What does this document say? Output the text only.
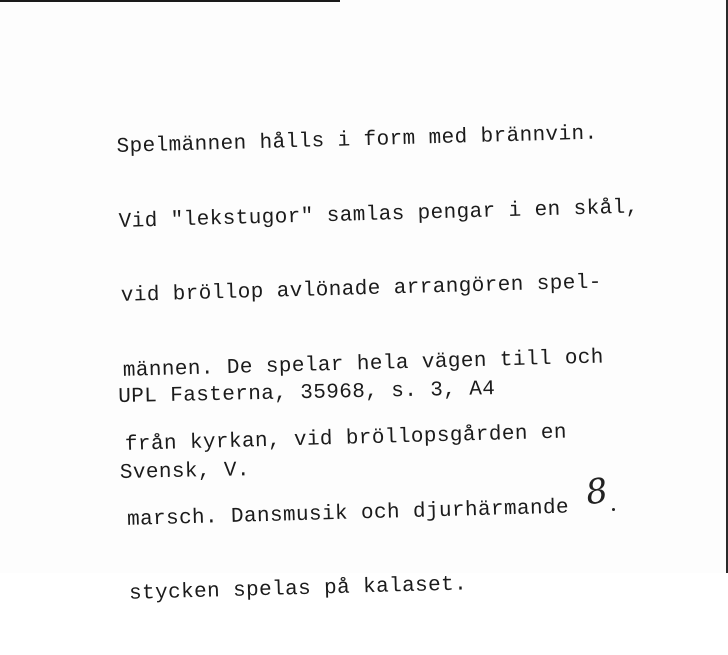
Spelmännen hålls i form med brännvin.

Vid "lekstugor" samlas pengar i en skål,

vid bröllop avlönade arrangören spel-

männen. De spelar hela vägen till och

från kyrkan, vid bröllopsgården en

marsch. Dansmusik och djurhärmande

stycken spelas på kalaset.

UPL Fasterna, 35968, s. 3, A4

Svensk, V.

	8
